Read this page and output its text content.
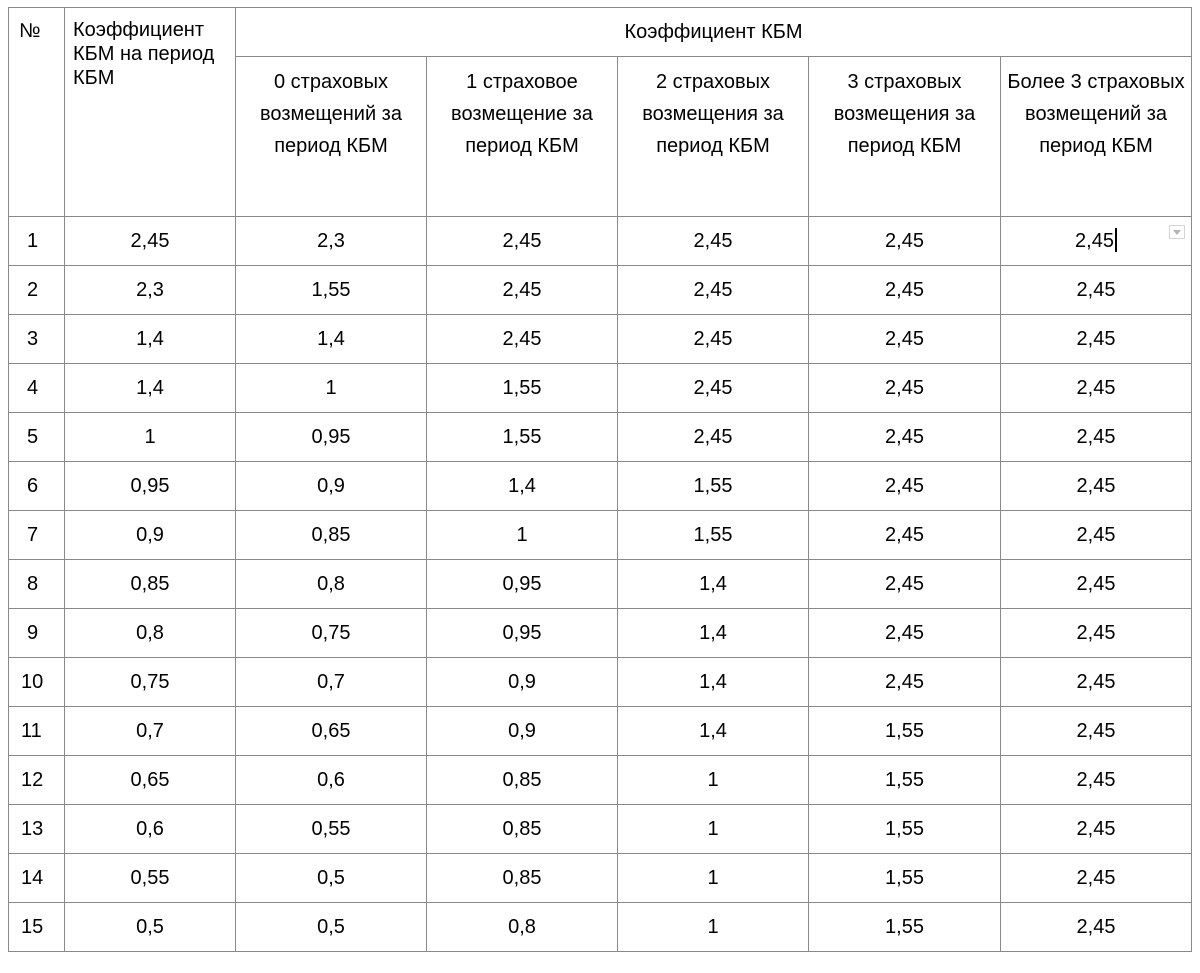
№	Коэффициент КБМ на период КБМ	Коэффициент КБМ				
		0 страховых возмещений за период КБМ	1 страховое возмещение за период КБМ	2 страховых возмещения за период КБМ	3 страховых возмещения за период КБМ	Более 3 страховых возмещений за период КБМ
1	2,45	2,3	2,45	2,45	2,45	2,45

2	2,3	1,55	2,45	2,45	2,45	2,45
3	1,4	1,4	2,45	2,45	2,45	2,45
4	1,4	1	1,55	2,45	2,45	2,45
5	1	0,95	1,55	2,45	2,45	2,45
6	0,95	0,9	1,4	1,55	2,45	2,45
7	0,9	0,85	1	1,55	2,45	2,45
8	0,85	0,8	0,95	1,4	2,45	2,45
9	0,8	0,75	0,95	1,4	2,45	2,45
10	0,75	0,7	0,9	1,4	2,45	2,45
11	0,7	0,65	0,9	1,4	1,55	2,45
12	0,65	0,6	0,85	1	1,55	2,45
13	0,6	0,55	0,85	1	1,55	2,45
14	0,55	0,5	0,85	1	1,55	2,45
15	0,5	0,5	0,8	1	1,55	2,45
